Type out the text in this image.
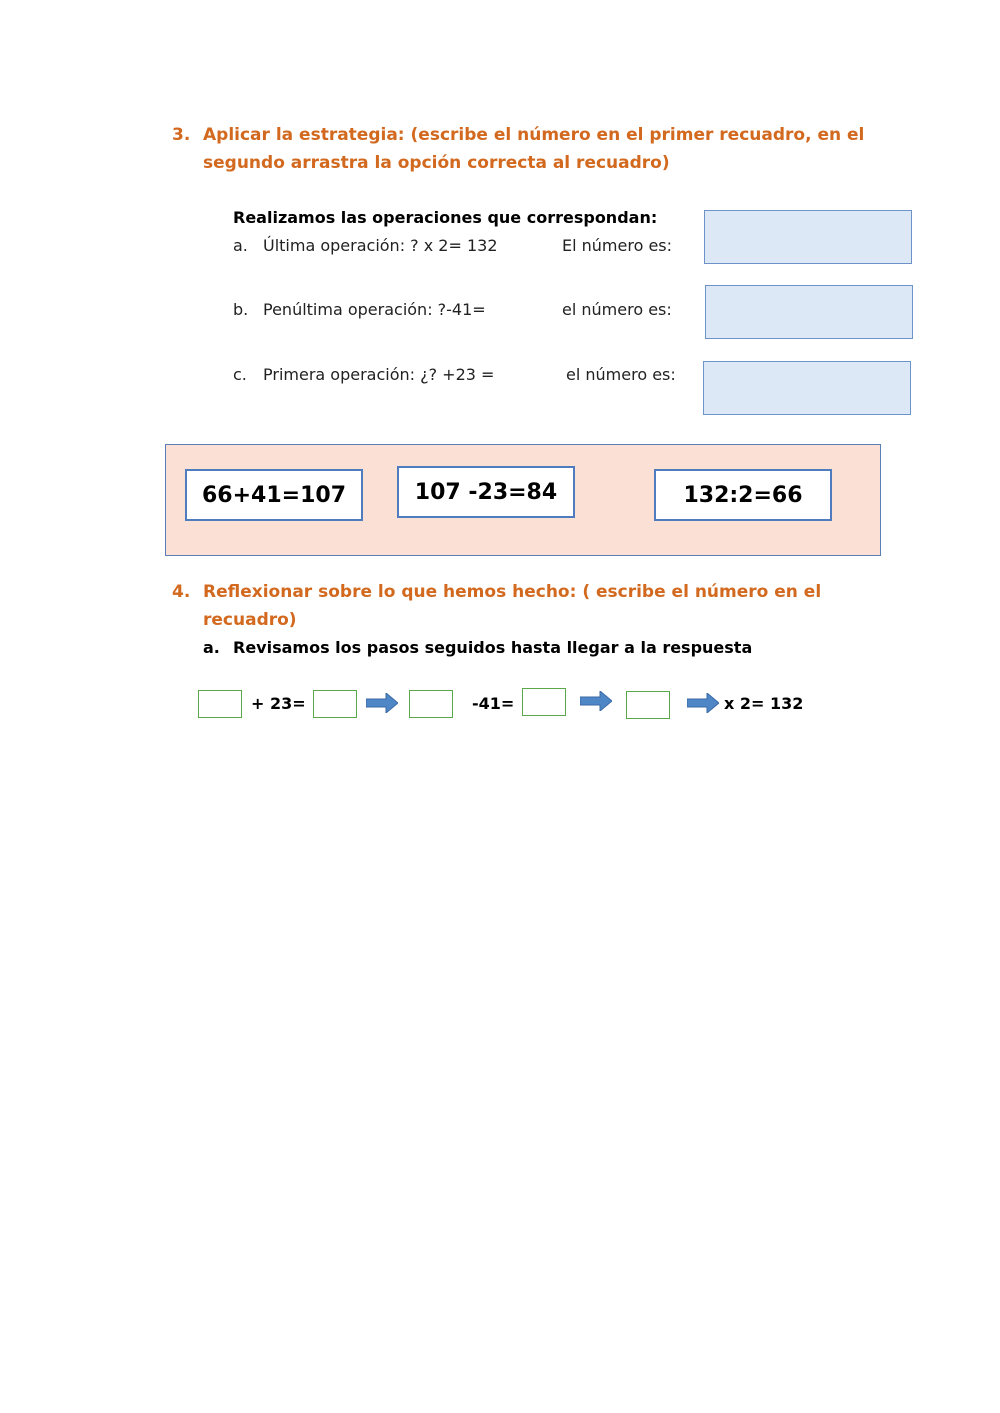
3. Aplicar la estrategia: (escribe el número en el primer recuadro, en el
segundo arrastra la opción correcta al recuadro)
Realizamos las operaciones que correspondan:
a. Última operación: ? x 2= 132	El número es:
b. Penúltima operación: ?-41=	el número es:
c. Primera operación: ¿? +23 =	el número es:
66+41=107	107 -23=84	132:2=66
4. Reflexionar sobre lo que hemos hecho: ( escribe el número en el
recuadro)
a. Revisamos los pasos seguidos hasta llegar a la respuesta
+ 23=	-41=	x 2= 132
